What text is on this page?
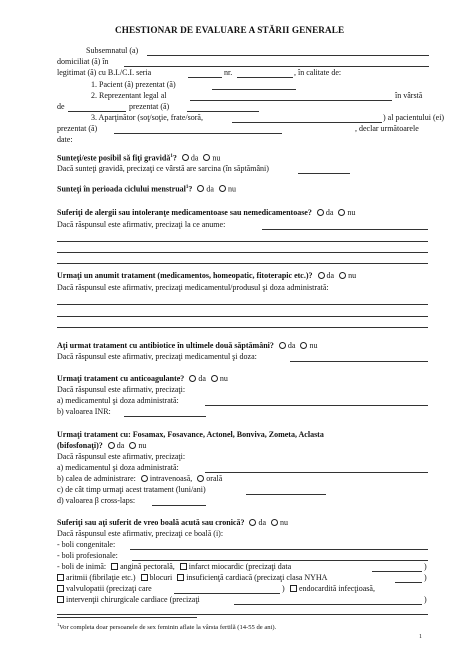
CHESTIONAR DE EVALUARE A STĂRII GENERALE
Subsemnatul (a)
domiciliat (ă) în
legitimat (ă) cu B.I./C.I. seria	nr.	, în calitate de:
1. Pacient (ă) prezentat (ă)
2. Reprezentant legal al	în vârstă
de	prezentat (ă)
3. Aparţinător (soţ/soţie, frate/soră,	) al pacientului (ei)
prezentat (ă)	, declar următoarele
date:
Sunteţi/este posibil să fiţi gravidă$^1$? da nu
Dacă sunteţi gravidă, precizaţi ce vârstă are sarcina (în săptămâni)
Sunteţi în perioada ciclului menstrual$^1$? da nu
Suferiţi de alergii sau intoleranţe medicamentoase sau nemedicamentoase? da nu
Dacă răspunsul este afirmativ, precizaţi la ce anume:
Urmaţi un anumit tratament (medicamentos, homeopatic, fitoterapic etc.)? da nu
Dacă răspunsul este afirmativ, precizaţi medicamentul/produsul şi doza administrată:
Aţi urmat tratament cu antibiotice în ultimele două săptămâni? da nu
Dacă răspunsul este afirmativ, precizaţi medicamentul şi doza:
Urmaţi tratament cu anticoagulante? da nu
Dacă răspunsul este afirmativ, precizaţi:
a) medicamentul şi doza administrată:
b) valoarea INR:
Urmaţi tratament cu: Fosamax, Fosavance, Actonel, Bonviva, Zometa, Aclasta
(bifosfonaţi)? da nu
Dacă răspunsul este afirmativ, precizaţi:
a) medicamentul şi doza administrată:
b) calea de administrare: intravenoasă, orală
c) de cât timp urmaţi acest tratament (luni/ani)
d) valoarea β cross-laps:
Suferiţi sau aţi suferit de vreo boală acută sau cronică? da nu
Dacă răspunsul este afirmativ, precizaţi ce boală (i):
- boli congenitale:
- boli profesionale:
- boli de inimă: angină pectorală, infarct miocardic (precizaţi data	)
aritmii (fibrilaţie etc.) blocuri insuficienţă cardiacă (precizaţi clasa NYHA	)
valvulopatii (precizaţi care	)	endocardită infecţioasă,
intervenţii chirurgicale cardiace (precizaţi	)
$^1$Vor completa doar persoanele de sex feminin aflate la vârsta fertilă (14-55 de ani).
1
